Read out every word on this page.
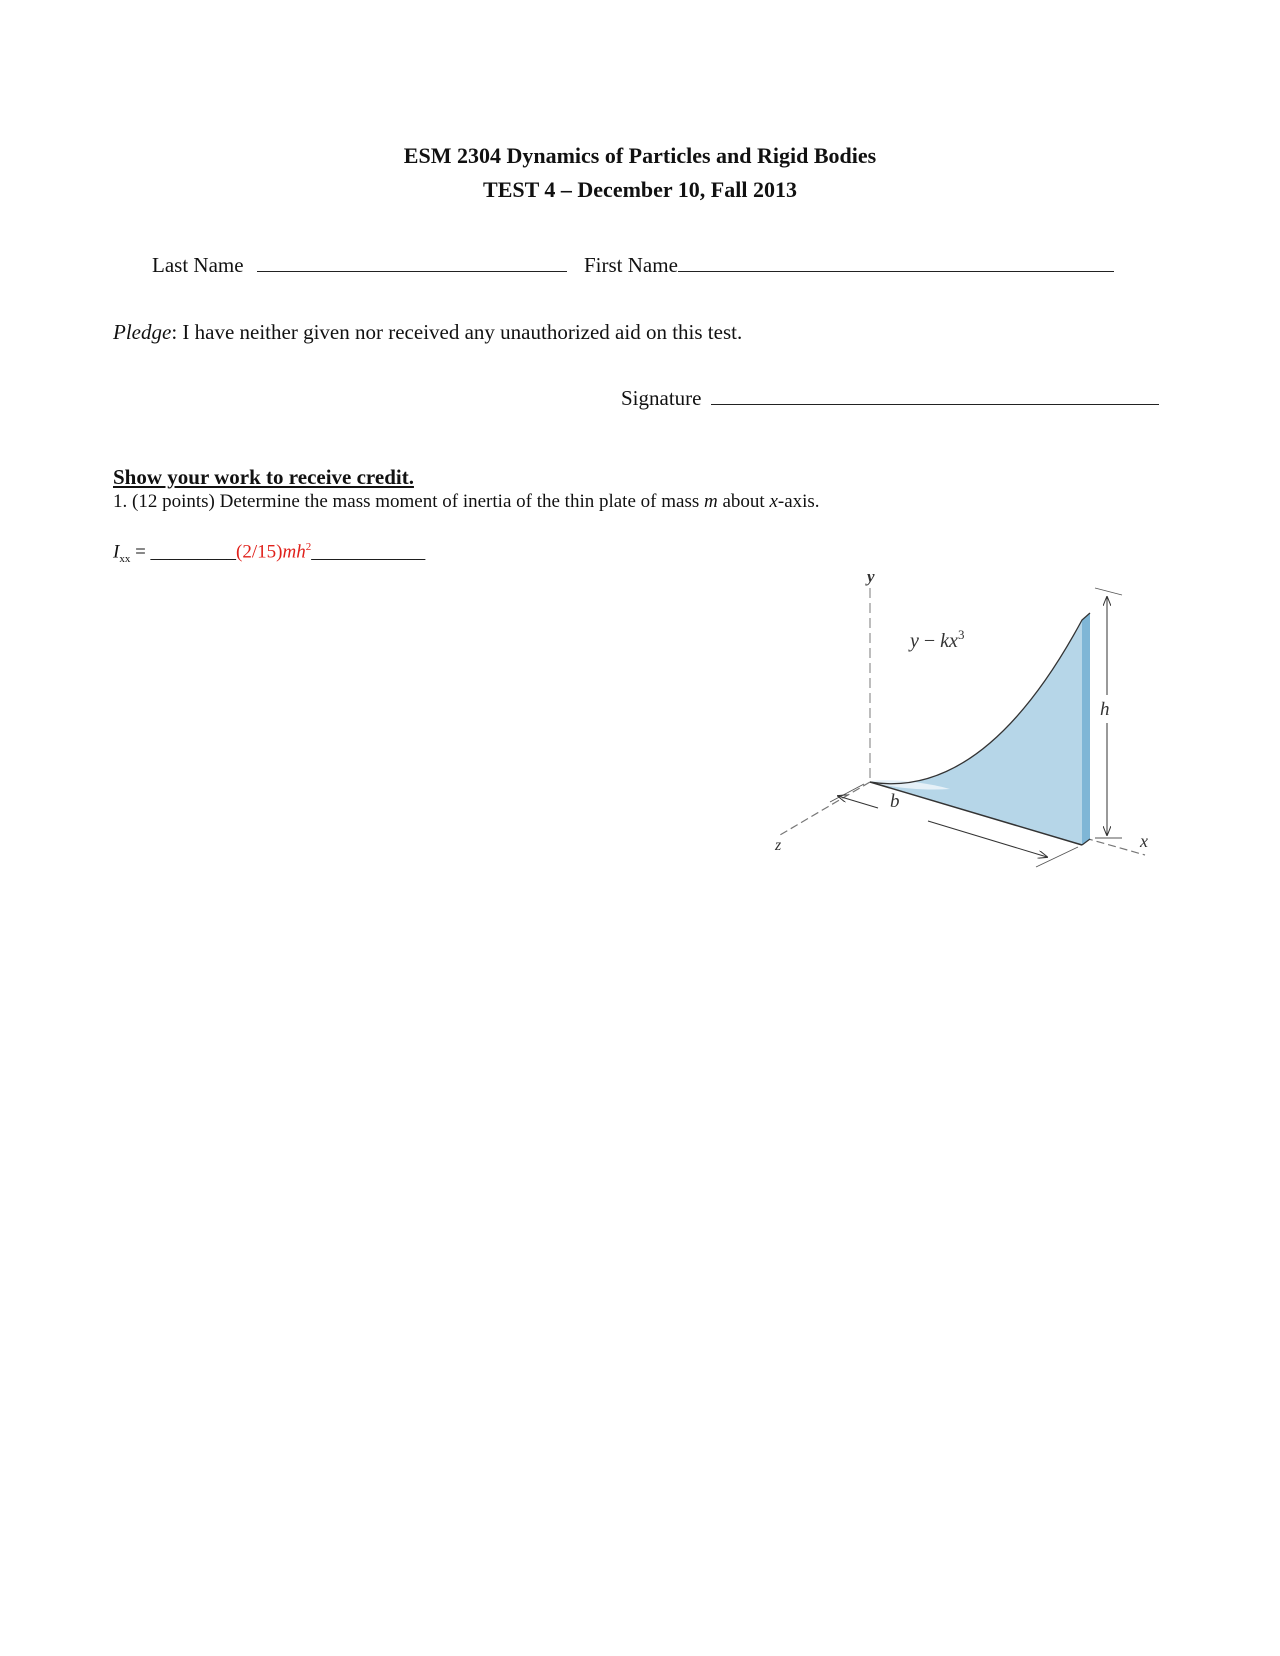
ESM 2304 Dynamics of Particles and Rigid Bodies
TEST 4 – December 10, Fall 2013
Last Name	First Name
Pledge: I have neither given nor received any unauthorized aid on this test.
Signature
Show your work to receive credit.
1. (12 points) Determine the mass moment of inertia of the thin plate of mass m about x-axis.
$I_{xx}$ = $\_\_\_\_\_\_\_\_\_(2/15)mh^2\_\_\_\_\_\_\_\_\_\_\_\_$
y
x
z
$y - kx^3$
h
b
